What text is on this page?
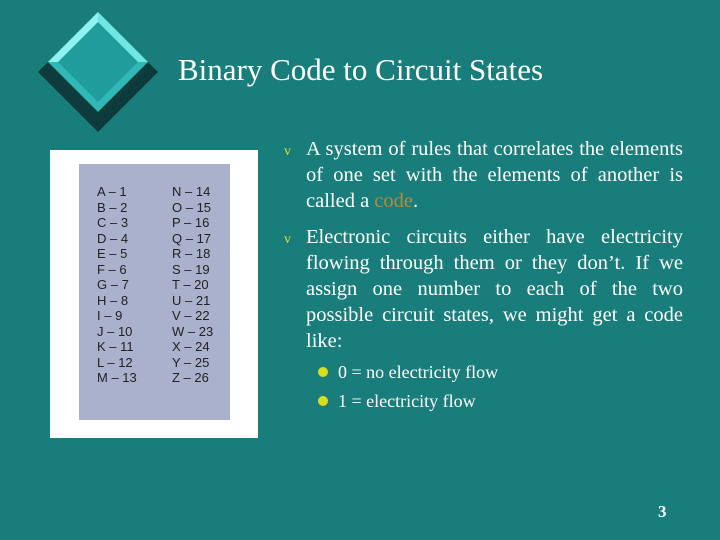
Binary Code to Circuit States
A – 1
B – 2
C – 3
D – 4
E – 5
F – 6
G – 7
H – 8
I – 9
J – 10
K – 11
L – 12
M – 13
N – 14
O – 15
P – 16
Q – 17
R – 18
S – 19
T – 20
U – 21
V – 22
W – 23
X – 24
Y – 25
Z – 26

v A system of rules that correlates the elements of one set with the elements of another is called a code.

v Electronic circuits either have electricity flowing through them or they don’t. If we assign one number to each of the two possible circuit states, we might get a code like:

0 = no electricity flow
1 = electricity flow
3
